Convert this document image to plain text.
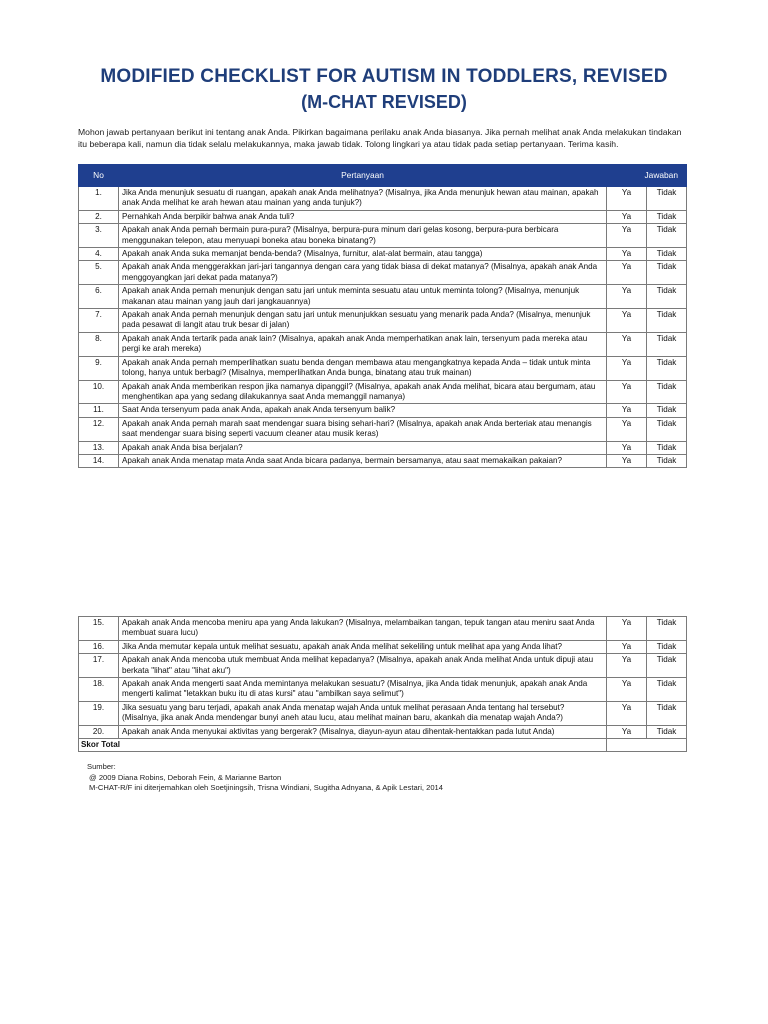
MODIFIED CHECKLIST FOR AUTISM IN TODDLERS, REVISED
(M-CHAT REVISED)
Mohon jawab pertanyaan berikut ini tentang anak Anda. Pikirkan bagaimana perilaku anak Anda biasanya. Jika pernah melihat anak Anda melakukan tindakan itu beberapa kali, namun dia tidak selalu melakukannya, maka jawab tidak. Tolong lingkari ya atau tidak pada setiap pertanyaan. Terima kasih.
No	Pertanyaan	Jawaban	
1.	Jika Anda menunjuk sesuatu di ruangan, apakah anak Anda melihatnya? (Misalnya, jika Anda menunjuk hewan atau mainan, apakah anak Anda melihat ke arah hewan atau mainan yang anda tunjuk?)	Ya	Tidak
2.	Pernahkah Anda berpikir bahwa anak Anda tuli?	Ya	Tidak
3.	Apakah anak Anda pernah bermain pura-pura? (Misalnya, berpura-pura minum dari gelas kosong, berpura-pura berbicara menggunakan telepon, atau menyuapi boneka atau boneka binatang?)	Ya	Tidak
4.	Apakah anak Anda suka memanjat benda-benda? (Misalnya, furnitur, alat-alat bermain, atau tangga)	Ya	Tidak
5.	Apakah anak Anda menggerakkan jari-jari tangannya dengan cara yang tidak biasa di dekat matanya? (Misalnya, apakah anak Anda menggoyangkan jari dekat pada matanya?)	Ya	Tidak
6.	Apakah anak Anda pernah menunjuk dengan satu jari untuk meminta sesuatu atau untuk meminta tolong? (Misalnya, menunjuk makanan atau mainan yang jauh dari jangkauannya)	Ya	Tidak
7.	Apakah anak Anda pernah menunjuk dengan satu jari untuk menunjukkan sesuatu yang menarik pada Anda? (Misalnya, menunjuk pada pesawat di langit atau truk besar di jalan)	Ya	Tidak
8.	Apakah anak Anda tertarik pada anak lain? (Misalnya, apakah anak Anda memperhatikan anak lain, tersenyum pada mereka atau pergi ke arah mereka)	Ya	Tidak
9.	Apakah anak Anda pernah memperlihatkan suatu benda dengan membawa atau mengangkatnya kepada Anda – tidak untuk minta tolong, hanya untuk berbagi? (Misalnya, memperlihatkan Anda bunga, binatang atau truk mainan)	Ya	Tidak
10.	Apakah anak Anda memberikan respon jika namanya dipanggil? (Misalnya, apakah anak Anda melihat, bicara atau bergumam, atau menghentikan apa yang sedang dilakukannya saat Anda memanggil namanya)	Ya	Tidak
11.	Saat Anda tersenyum pada anak Anda, apakah anak Anda tersenyum balik?	Ya	Tidak
12.	Apakah anak Anda pernah marah saat mendengar suara bising sehari-hari? (Misalnya, apakah anak Anda berteriak atau menangis saat mendengar suara bising seperti vacuum cleaner atau musik keras)	Ya	Tidak
13.	Apakah anak Anda bisa berjalan?	Ya	Tidak
14.	Apakah anak Anda menatap mata Anda saat Anda bicara padanya, bermain bersamanya, atau saat memakaikan pakaian?	Ya	Tidak
15.	Apakah anak Anda mencoba meniru apa yang Anda lakukan? (Misalnya, melambaikan tangan, tepuk tangan atau meniru saat Anda membuat suara lucu)	Ya	Tidak
16.	Jika Anda memutar kepala untuk melihat sesuatu, apakah anak Anda melihat sekeliling untuk melihat apa yang Anda lihat?	Ya	Tidak
17.	Apakah anak Anda mencoba utuk membuat Anda melihat kepadanya? (Misalnya, apakah anak Anda melihat Anda untuk dipuji atau berkata "lihat" atau "lihat aku")	Ya	Tidak
18.	Apakah anak Anda mengerti saat Anda memintanya melakukan sesuatu? (Misalnya, jika Anda tidak menunjuk, apakah anak Anda mengerti kalimat "letakkan buku itu di atas kursi" atau "ambilkan saya selimut")	Ya	Tidak
19.	Jika sesuatu yang baru terjadi, apakah anak Anda menatap wajah Anda untuk melihat perasaan Anda tentang hal tersebut? (Misalnya, jika anak Anda mendengar bunyi aneh atau lucu, atau melihat mainan baru, akankah dia menatap wajah Anda?)	Ya	Tidak
20.	Apakah anak Anda menyukai aktivitas yang bergerak? (Misalnya, diayun-ayun atau dihentak-hentakkan pada lutut Anda)	Ya	Tidak
Skor Total			
Sumber:
@ 2009 Diana Robins, Deborah Fein, & Marianne Barton
M-CHAT-R/F ini diterjemahkan oleh Soetjiningsih, Trisna Windiani, Sugitha Adnyana, & Apik Lestari, 2014
